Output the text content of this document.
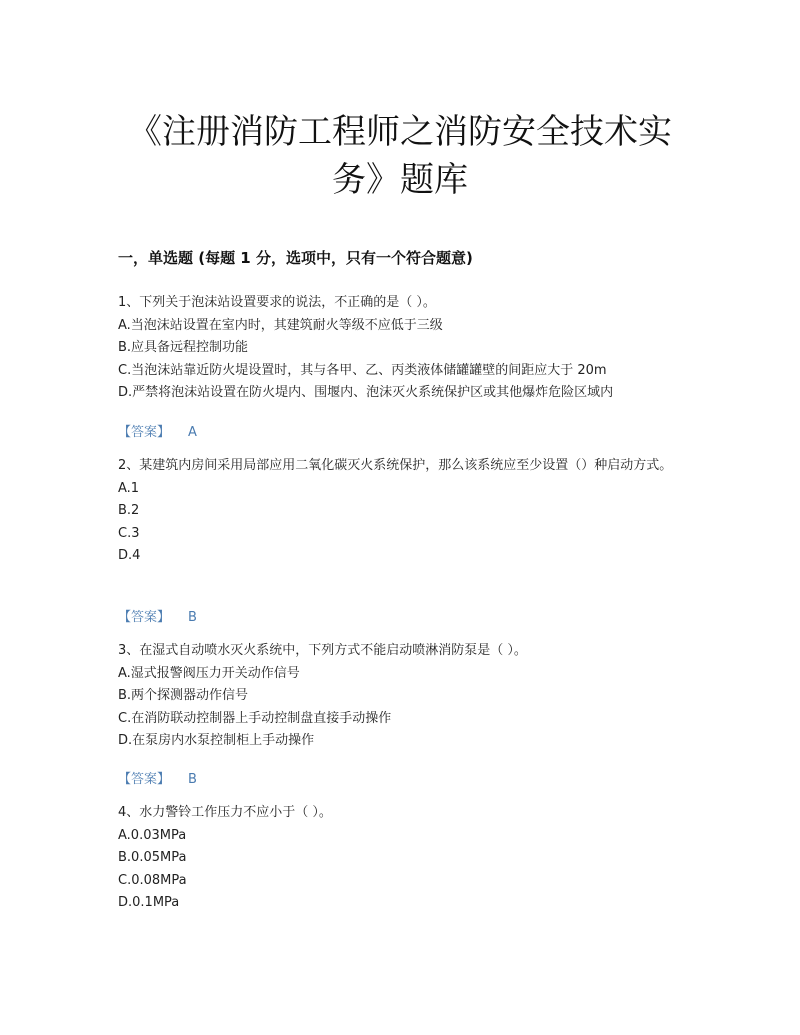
《注册消防工程师之消防安全技术实
务》题库
一，单选题 (每题 1 分，选项中，只有一个符合题意)
1、下列关于泡沫站设置要求的说法，不正确的是（ ）。
A.当泡沫站设置在室内时，其建筑耐火等级不应低于三级
B.应具备远程控制功能
C.当泡沫站靠近防火堤设置时，其与各甲、乙、丙类液体储罐罐壁的间距应大于 20m
D.严禁将泡沫站设置在防火堤内、围堰内、泡沫灭火系统保护区或其他爆炸危险区域内
【答案】 A
2、某建筑内房间采用局部应用二氧化碳灭火系统保护，那么该系统应至少设置（）种启动方式。
A.1
B.2
C.3
D.4
【答案】 B
3、在湿式自动喷水灭火系统中，下列方式不能启动喷淋消防泵是（ ）。
A.湿式报警阀压力开关动作信号
B.两个探测器动作信号
C.在消防联动控制器上手动控制盘直接手动操作
D.在泵房内水泵控制柜上手动操作
【答案】 B
4、水力警铃工作压力不应小于（ ）。
A.0.03MPa
B.0.05MPa
C.0.08MPa
D.0.1MPa
